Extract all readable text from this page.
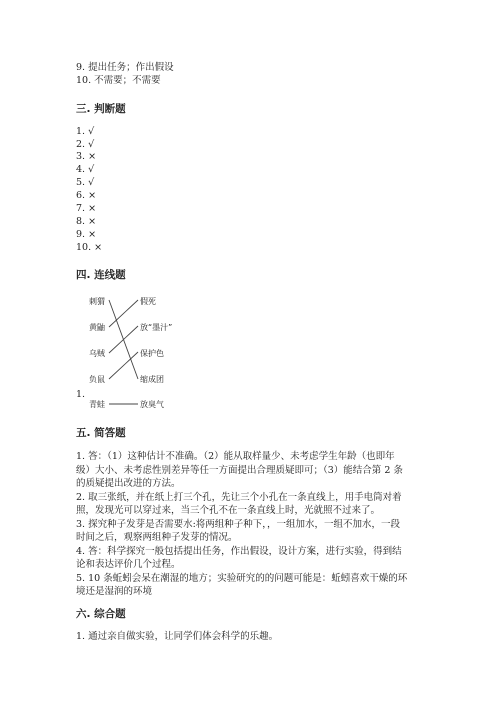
9. 提出任务；作出假设
10. 不需要；不需要
三. 判断题
1. √
2. √
3. ×
4. √
5. √
6. ×
7. ×
8. ×
9. ×
10. ×
四. 连线题
1.
刺猬
黄鼬
乌贼
负鼠
青蛙
假死
放“墨汁”
保护色
缩成团
放臭气
五. 简答题
1. 答：（1）这种估计不准确。（2）能从取样量少、未考虑学生年龄（也即年
级）大小、未考虑性别差异等任一方面提出合理质疑即可；（3）能结合第 2 条
的质疑提出改进的方法。
2. 取三张纸，并在纸上打三个孔，先让三个小孔在一条直线上，用手电筒对着
照，发现光可以穿过来，当三个孔不在一条直线上时，光就照不过来了。
3. 探究种子发芽是否需要水:将两组种子种下，，一组加水，一组不加水，一段
时间之后，观察两组种子发芽的情况。
4. 答：科学探究一般包括提出任务，作出假设，设计方案，进行实验，得到结
论和表达评价几个过程。
5. 10 条蚯蚓会呆在潮湿的地方；实验研究的的问题可能是：蚯蚓喜欢干燥的环
境还是湿润的环境
六. 综合题
1. 通过亲自做实验，让同学们体会科学的乐趣。
